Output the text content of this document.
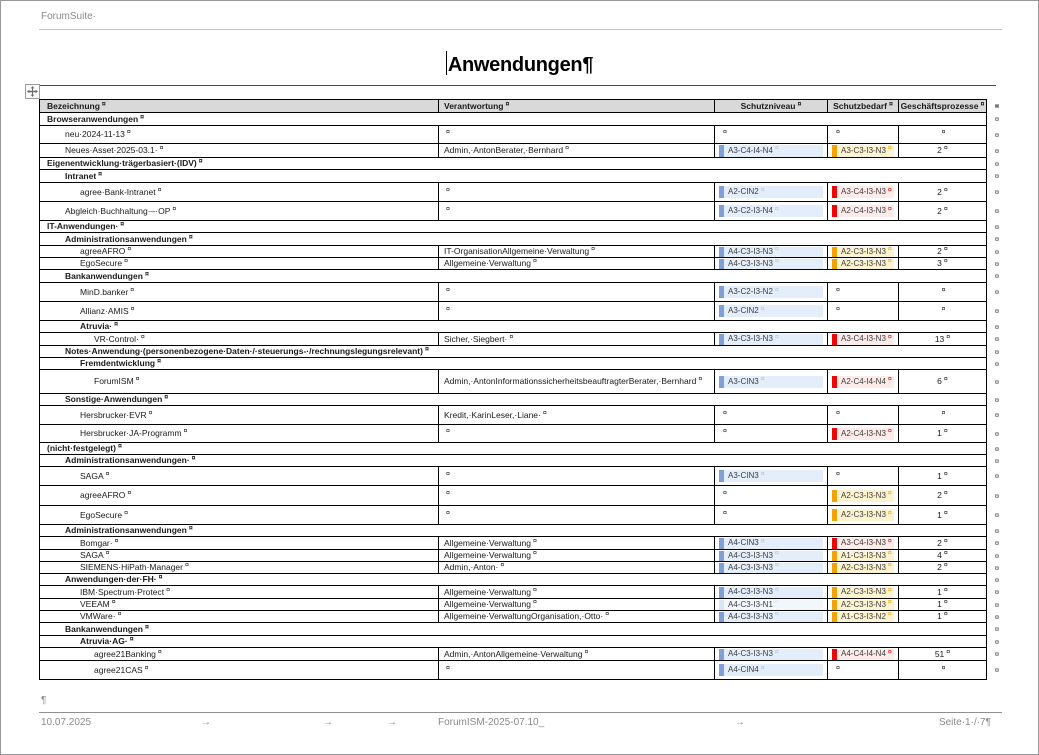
ForumSuite·
Anwendungen¶
Bezeichnung ¤	Verantwortung ¤	Schutzniveau ¤	Schutzbedarf ¤ Geschäftsprozesse ¤ ¤
Browseranwendungen ¤	¤
neu·2024-11-13 ¤	¤	¤	¤	¤	¤
Neues·Asset·2025-03.1· ¤	Admin,·​AntonBerater,·​Bernhard ¤	A3-C4-I4-N4 ¤	A3-C3-I3-N3 ¤	2 ¤	¤
Eigenentwicklung·trägerbasiert·(IDV) ¤	¤
Intranet ¤	¤
agree·Bank-Intranet ¤	¤	A2-CIN2 ¤	A3-C4-I3-N3 ¤	2 ¤	¤
Abgleich·Buchhaltung·–·OP ¤	¤	A3-C2-I3-N4 ¤	A2-C4-I3-N3 ¤	2 ¤	¤
IT-Anwendungen· ¤	¤
Administrationsanwendungen ¤	¤
agreeAFRO ¤	IT-OrganisationAllgemeine·​Verwaltung ¤	A4-C3-I3-N3 ¤	A2-C3-I3-N3 ¤	2 ¤	¤
EgoSecure ¤	Allgemeine·​Verwaltung ¤	A4-C3-I3-N3 ¤	A2-C3-I3-N3 ¤	3 ¤	¤
Bankanwendungen ¤	¤
MinD.banker ¤	¤	A3-C2-I3-N2 ¤	¤	¤	¤
Allianz·AMIS ¤	¤	A3-CIN2 ¤	¤	¤	¤
Atruvia· ¤	¤
VR-Control· ¤	Sicher,·​Siegbert·​ ¤	A3-C3-I3-N3 ¤	A3-C4-I3-N3 ¤	13 ¤	¤
Notes·Anwendung·(personenbezogene·Daten·/·steuerungs-·/rechnungslegungsrelevant) ¤	¤
Fremdentwicklung ¤	¤
ForumISM ¤	Admin,·​AntonInformationssicherheitsbeauftragterBerater,·​Bernhard ¤	A3-CIN3 ¤	A2-C4-I4-N4 ¤	6 ¤	¤
Sonstige·Anwendungen ¤	¤
Hersbrucker·EVR ¤	Kredit,·​KarinLeser,·​Liane·​ ¤	¤	¤	¤	¤
Hersbrucker·JA-Programm ¤	¤	¤	A2-C4-I3-N3 ¤	1 ¤	¤
(nicht·festgelegt) ¤	¤
Administrationsanwendungen· ¤	¤
SAGA ¤	¤	A3-CIN3 ¤	¤	1 ¤	¤
agreeAFRO ¤	¤	¤	A2-C3-I3-N3 ¤	2 ¤	¤
EgoSecure ¤	¤	¤	A2-C3-I3-N3 ¤	1 ¤	¤
Administrationsanwendungen ¤	¤
Bomgar· ¤	Allgemeine·​Verwaltung ¤	A4-CIN3 ¤	A3-C4-I3-N3 ¤	2 ¤	¤
SAGA ¤	Allgemeine·​Verwaltung ¤	A4-C3-I3-N3 ¤	A1-C3-I3-N3 ¤	4 ¤	¤
SIEMENS·HiPath·Manager ¤	Admin,·​Anton·​ ¤	A4-C3-I3-N3 ¤	A2-C3-I3-N3 ¤	2 ¤	¤
Anwendungen·der·FH· ¤	¤
IBM·Spectrum·Protect ¤	Allgemeine·​Verwaltung ¤	A4-C3-I3-N3 ¤	A2-C3-I3-N3 ¤	1 ¤	¤
VEEAM ¤	Allgemeine·​Verwaltung ¤	A4-C3-I3-N1 ¤	A2-C3-I3-N3 ¤	1 ¤	¤
VMWare· ¤	Allgemeine·​VerwaltungOrganisation,·​Otto·​ ¤	A4-C3-I3-N3 ¤	A1-C3-I3-N2 ¤	1 ¤	¤
Bankanwendungen ¤	¤
Atruvia·AG· ¤	¤
agree21Banking ¤	Admin,·​AntonAllgemeine·​Verwaltung ¤	A4-C3-I3-N3 ¤	A4-C4-I4-N4 ¤	51 ¤	¤
agree21CAS ¤	¤	A4-CIN4 ¤	¤	¤	¤
¶
10.07.2025	→	→	→	ForumISM-2025-07.10_	→	Seite·1·/·7¶
